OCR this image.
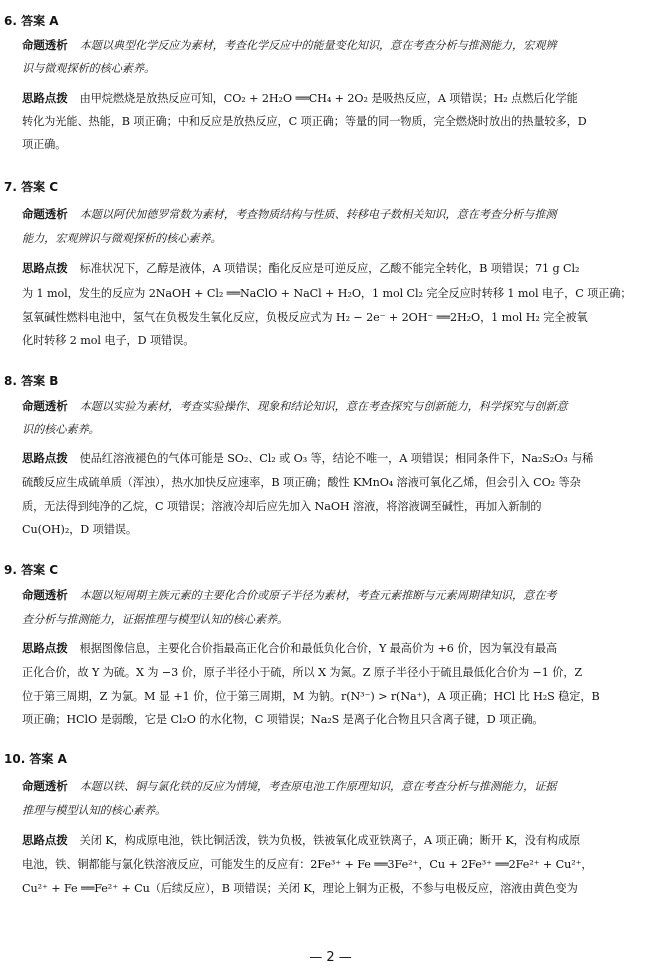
6. 答案 A
命题透析 本题以典型化学反应为素材，考查化学反应中的能量变化知识，意在考查分析与推测能力，宏观辨
识与微观探析的核心素养。
思路点拨 由甲烷燃烧是放热反应可知，CO₂ + 2H₂O ══CH₄ + 2O₂ 是吸热反应，A 项错误；H₂ 点燃后化学能
转化为光能、热能，B 项正确；中和反应是放热反应，C 项正确；等量的同一物质，完全燃烧时放出的热量较多，D
项正确。
7. 答案 C
命题透析 本题以阿伏加德罗常数为素材，考查物质结构与性质、转移电子数相关知识，意在考查分析与推测
能力，宏观辨识与微观探析的核心素养。
思路点拨 标准状况下，乙醇是液体，A 项错误；酯化反应是可逆反应，乙酸不能完全转化，B 项错误；71 g Cl₂
为 1 mol，发生的反应为 2NaOH + Cl₂ ══NaClO + NaCl + H₂O，1 mol Cl₂ 完全反应时转移 1 mol 电子，C 项正确；
氢氧碱性燃料电池中，氢气在负极发生氧化反应，负极反应式为 H₂ − 2e⁻ + 2OH⁻ ══2H₂O，1 mol H₂ 完全被氧
化时转移 2 mol 电子，D 项错误。
8. 答案 B
命题透析 本题以实验为素材，考查实验操作、现象和结论知识，意在考查探究与创新能力，科学探究与创新意
识的核心素养。
思路点拨 使品红溶液褪色的气体可能是 SO₂、Cl₂ 或 O₃ 等，结论不唯一，A 项错误；相同条件下，Na₂S₂O₃ 与稀
硫酸反应生成硫单质（浑浊），热水加快反应速率，B 项正确；酸性 KMnO₄ 溶液可氧化乙烯，但会引入 CO₂ 等杂
质，无法得到纯净的乙烷，C 项错误；溶液冷却后应先加入 NaOH 溶液，将溶液调至碱性，再加入新制的
Cu(OH)₂，D 项错误。
9. 答案 C
命题透析 本题以短周期主族元素的主要化合价或原子半径为素材，考查元素推断与元素周期律知识，意在考
查分析与推测能力，证据推理与模型认知的核心素养。
思路点拨 根据图像信息，主要化合价指最高正化合价和最低负化合价，Y 最高价为 +6 价，因为氧没有最高
正化合价，故 Y 为硫。X 为 −3 价，原子半径小于硫，所以 X 为氮。Z 原子半径小于硫且最低化合价为 −1 价，Z
位于第三周期，Z 为氯。M 显 +1 价，位于第三周期，M 为钠。r(N³⁻) > r(Na⁺)，A 项正确；HCl 比 H₂S 稳定，B
项正确；HClO 是弱酸，它是 Cl₂O 的水化物，C 项错误；Na₂S 是离子化合物且只含离子键，D 项正确。
10. 答案 A
命题透析 本题以铁、铜与氯化铁的反应为情境，考查原电池工作原理知识，意在考查分析与推测能力，证据
推理与模型认知的核心素养。
思路点拨 关闭 K，构成原电池，铁比铜活泼，铁为负极，铁被氧化成亚铁离子，A 项正确；断开 K，没有构成原
电池，铁、铜都能与氯化铁溶液反应，可能发生的反应有：2Fe³⁺ + Fe ══3Fe²⁺，Cu + 2Fe³⁺ ══2Fe²⁺ + Cu²⁺，
Cu²⁺ + Fe ══Fe²⁺ + Cu（后续反应），B 项错误；关闭 K，理论上铜为正极，不参与电极反应，溶液由黄色变为
— 2 —
